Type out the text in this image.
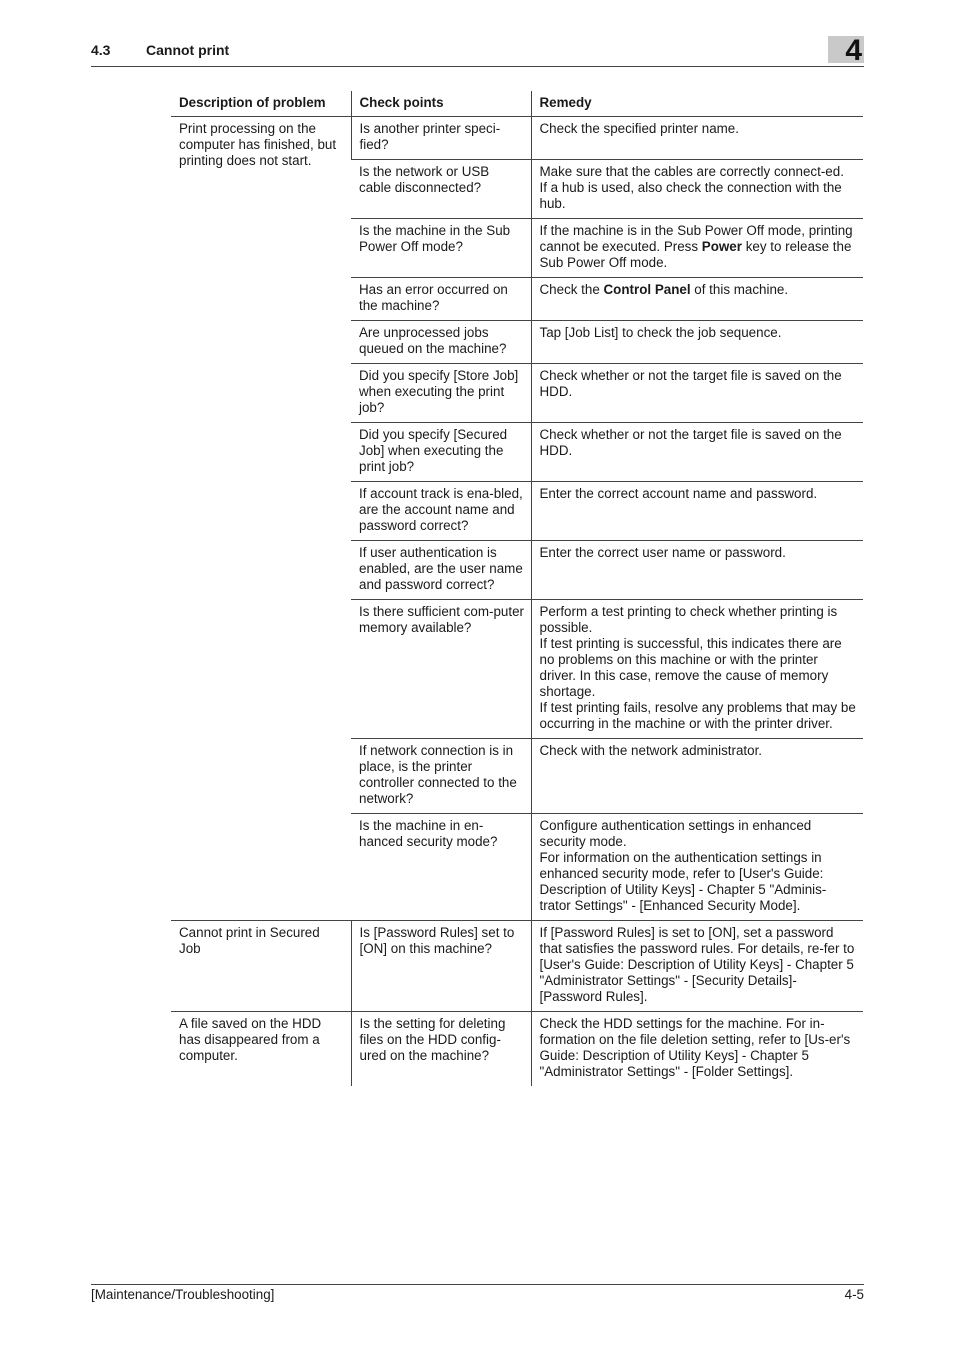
4.3	Cannot print	4
Description of problem	Check points	Remedy
Print processing on the computer has finished, but printing does not start.	Is another printer speci-fied?	Check the specified printer name.

	Is the network or USB cable disconnected?	Make sure that the cables are correctly connect-ed.
If a hub is used, also check the connection with the hub.

	Is the machine in the Sub Power Off mode?	If the machine is in the Sub Power Off mode, printing cannot be executed. Press Power key to release the Sub Power Off mode.
	Has an error occurred on the machine?	Check the Control Panel of this machine.
	Are unprocessed jobs queued on the machine?	Tap [Job List] to check the job sequence.

	Did you specify [Store Job] when executing the print job?	Check whether or not the target file is saved on the HDD.

	Did you specify [Secured Job] when executing the print job?	Check whether or not the target file is saved on the HDD.

	If account track is ena-bled, are the account name and password correct?	Enter the correct account name and password.

	If user authentication is enabled, are the user name and password correct?	Enter the correct user name or password.

	Is there sufficient com-puter memory available?	Perform a test printing to check whether printing is possible.
If test printing is successful, this indicates there are no problems on this machine or with the printer driver. In this case, remove the cause of memory shortage.
If test printing fails, resolve any problems that may be occurring in the machine or with the printer driver.

	If network connection is in place, is the printer controller connected to the network?	Check with the network administrator.

	Is the machine in en-hanced security mode?	Configure authentication settings in enhanced security mode.
For information on the authentication settings in enhanced security mode, refer to [User's Guide: Description of Utility Keys] - Chapter 5 "Adminis-trator Settings" - [Enhanced Security Mode].

Cannot print in Secured Job	Is [Password Rules] set to [ON] on this machine?	If [Password Rules] is set to [ON], set a password that satisfies the password rules. For details, re-fer to [User's Guide: Description of Utility Keys] - Chapter 5 "Administrator Settings" - [Security Details]-[Password Rules].

A file saved on the HDD has disappeared from a computer.	Is the setting for deleting files on the HDD config-ured on the machine?	Check the HDD settings for the machine. For in-formation on the file deletion setting, refer to [Us-er's Guide: Description of Utility Keys] - Chapter 5 "Administrator Settings" - [Folder Settings].
[Maintenance/Troubleshooting]	4-5
